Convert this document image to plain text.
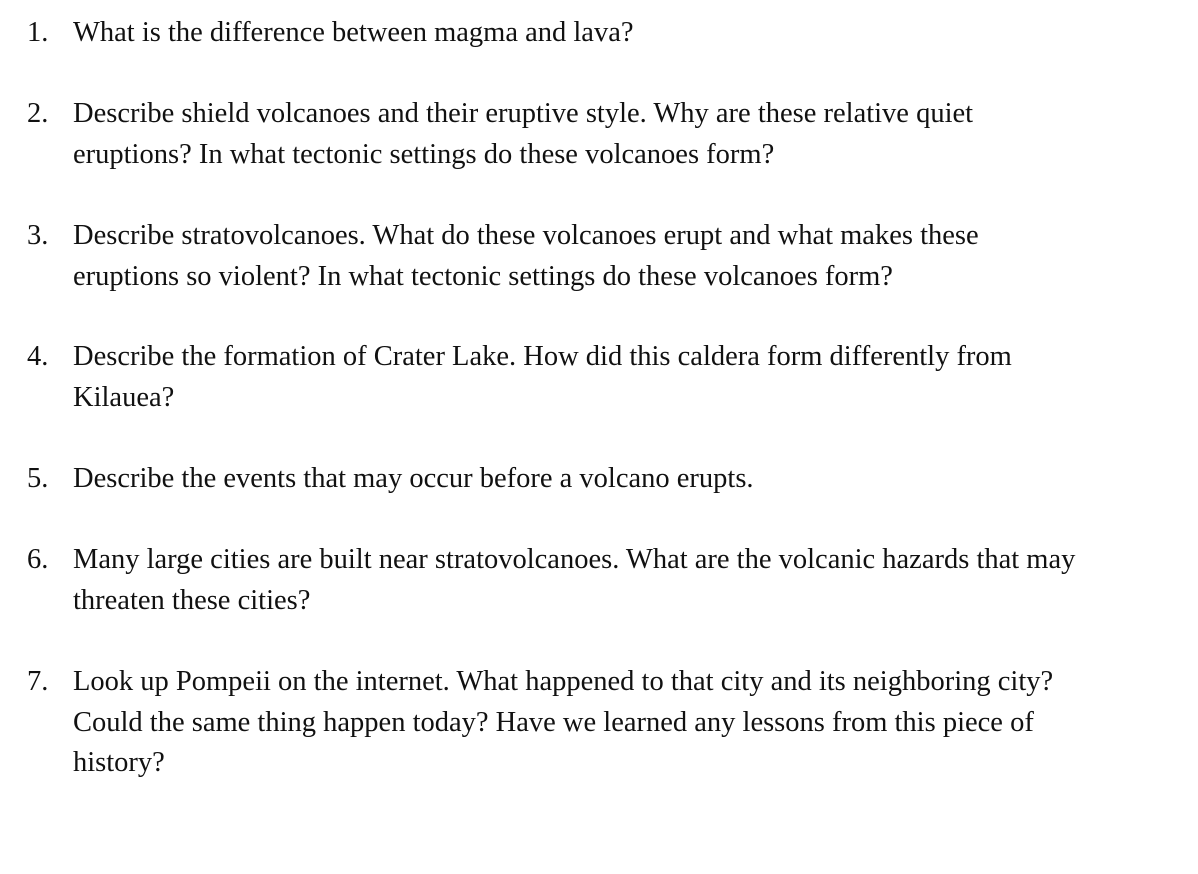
1. What is the difference between magma and lava?
2. Describe shield volcanoes and their eruptive style. Why are these relative quiet
eruptions? In what tectonic settings do these volcanoes form?
3. Describe stratovolcanoes. What do these volcanoes erupt and what makes these
eruptions so violent? In what tectonic settings do these volcanoes form?
4. Describe the formation of Crater Lake. How did this caldera form differently from
Kilauea?
5. Describe the events that may occur before a volcano erupts.
6. Many large cities are built near stratovolcanoes. What are the volcanic hazards that may
threaten these cities?
7. Look up Pompeii on the internet. What happened to that city and its neighboring city?
Could the same thing happen today? Have we learned any lessons from this piece of
history?
